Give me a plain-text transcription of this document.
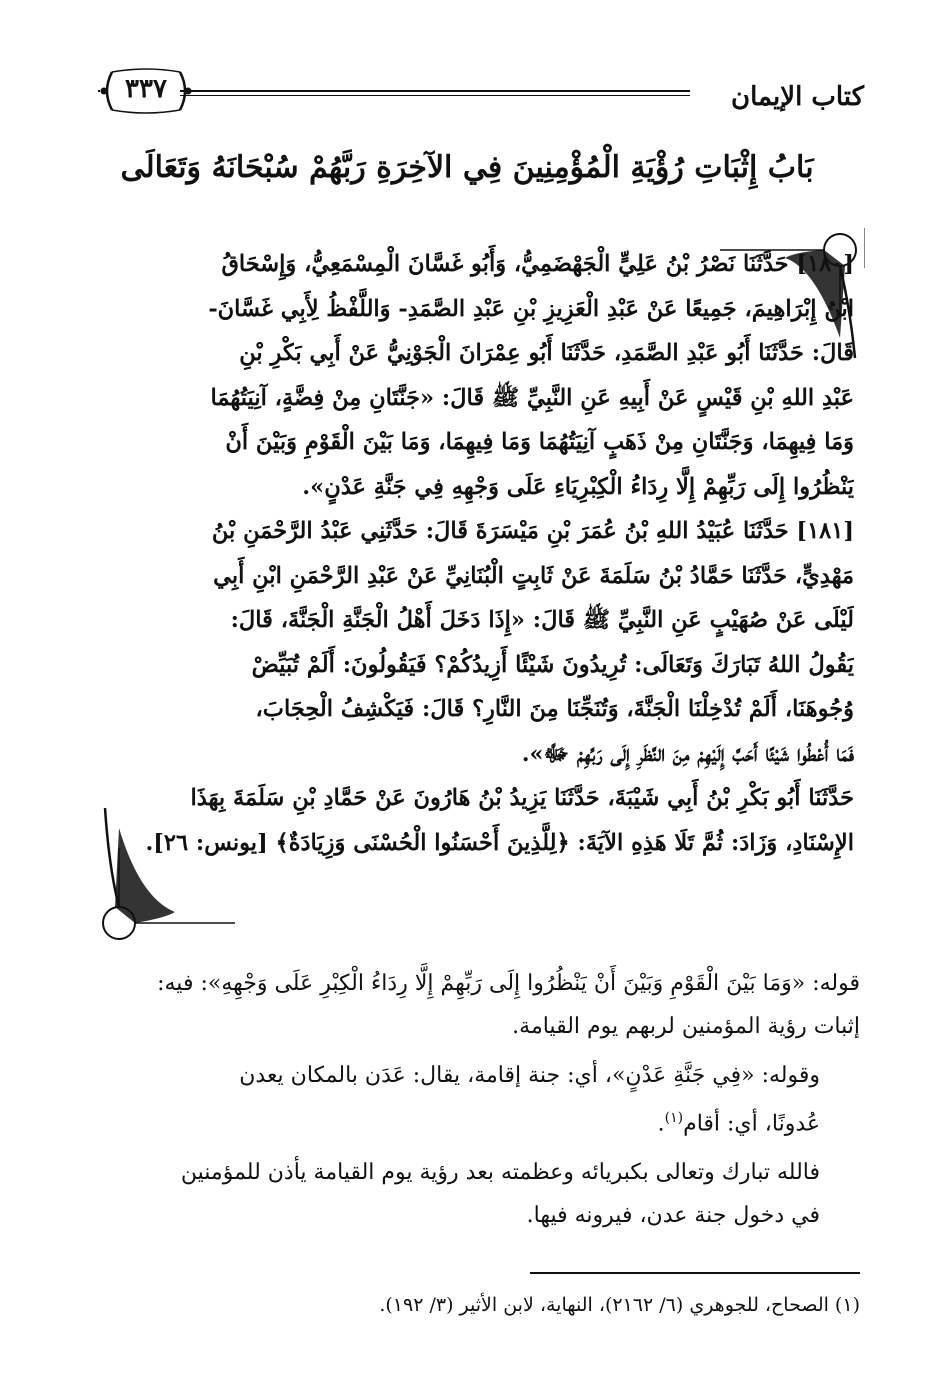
كتاب الإيمان
٣٣٧
بَابُ إِثْبَاتِ رُؤْيَةِ الْمُؤْمِنِينَ فِي الآخِرَةِ رَبَّهُمْ سُبْحَانَهُ وَتَعَالَى
[١٨٠] حَدَّثَنَا نَصْرُ بْنُ عَلِيٍّ الْجَهْضَمِيُّ، وَأَبُو غَسَّانَ الْمِسْمَعِيُّ، وَإِسْحَاقُ
ابْنُ إِبْرَاهِيمَ، جَمِيعًا عَنْ عَبْدِ الْعَزِيزِ بْنِ عَبْدِ الصَّمَدِ- وَاللَّفْظُ لِأَبِي غَسَّانَ-
قَالَ: حَدَّثَنَا أَبُو عَبْدِ الصَّمَدِ، حَدَّثَنَا أَبُو عِمْرَانَ الْجَوْنِيُّ عَنْ أَبِي بَكْرِ بْنِ
عَبْدِ اللهِ بْنِ قَيْسٍ عَنْ أَبِيهِ عَنِ النَّبِيِّ ﷺ قَالَ: «جَنَّتَانِ مِنْ فِضَّةٍ، آنِيَتُهُمَا
وَمَا فِيهِمَا، وَجَنَّتَانِ مِنْ ذَهَبٍ آنِيَتُهُمَا وَمَا فِيهِمَا، وَمَا بَيْنَ الْقَوْمِ وَبَيْنَ أَنْ
يَنْظُرُوا إِلَى رَبِّهِمْ إِلَّا رِدَاءُ الْكِبْرِيَاءِ عَلَى وَجْهِهِ فِي جَنَّةِ عَدْنٍ».
[١٨١] حَدَّثَنَا عُبَيْدُ اللهِ بْنُ عُمَرَ بْنِ مَيْسَرَةَ قَالَ: حَدَّثَنِي عَبْدُ الرَّحْمَنِ بْنُ
مَهْدِيٍّ، حَدَّثَنَا حَمَّادُ بْنُ سَلَمَةَ عَنْ ثَابِتٍ الْبُنَانِيِّ عَنْ عَبْدِ الرَّحْمَنِ ابْنِ أَبِي
لَيْلَى عَنْ صُهَيْبٍ عَنِ النَّبِيِّ ﷺ قَالَ: «إِذَا دَخَلَ أَهْلُ الْجَنَّةِ الْجَنَّةَ، قَالَ:
يَقُولُ اللهُ تَبَارَكَ وَتَعَالَى: تُرِيدُونَ شَيْئًا أَزِيدُكُمْ؟ فَيَقُولُونَ: أَلَمْ تُبَيِّضْ
وُجُوهَنَا، أَلَمْ تُدْخِلْنَا الْجَنَّةَ، وَتُنَجِّنَا مِنَ النَّارِ؟ قَالَ: فَيَكْشِفُ الْحِجَابَ،
فَمَا أُعْطُوا شَيْئًا أَحَبَّ إِلَيْهِمْ مِنَ النَّظَرِ إِلَى رَبِّهِمْ ﷻ».
حَدَّثَنَا أَبُو بَكْرِ بْنُ أَبِي شَيْبَةَ، حَدَّثَنَا يَزِيدُ بْنُ هَارُونَ عَنْ حَمَّادِ بْنِ سَلَمَةَ بِهَذَا
الإِسْنَادِ، وَزَادَ: ثُمَّ تَلَا هَذِهِ الآيَةَ: ﴿لِلَّذِينَ أَحْسَنُوا الْحُسْنَى وَزِيَادَةٌ﴾ [يونس: ٢٦].

قوله: «وَمَا بَيْنَ الْقَوْمِ وَبَيْنَ أَنْ يَنْظُرُوا إِلَى رَبِّهِمْ إِلَّا رِدَاءُ الْكِبْرِ عَلَى وَجْهِهِ»: فيه:
إثبات رؤية المؤمنين لربهم يوم القيامة.

وقوله: «فِي جَنَّةِ عَدْنٍ»، أي: جنة إقامة، يقال: عَدَن بالمكان يعدن
عُدونًا، أي: أقام$^{(١)}$.

فالله تبارك وتعالى بكبريائه وعظمته بعد رؤية يوم القيامة يأذن للمؤمنين
في دخول جنة عدن، فيرونه فيها.

(١) الصحاح، للجوهري (٦/ ٢١٦٢)، النهاية، لابن الأثير (٣/ ١٩٢).
